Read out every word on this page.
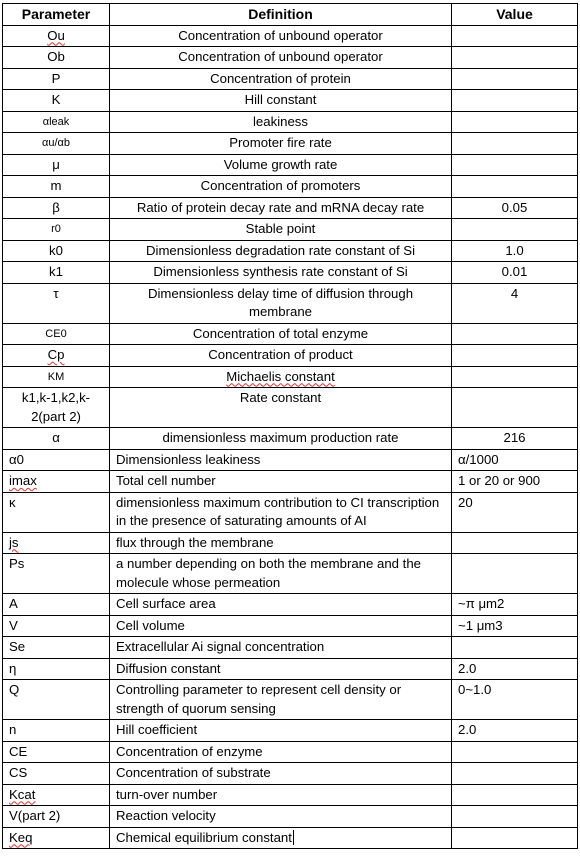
Parameter	Definition	Value
Ou	Concentration of unbound operator	
Ob	Concentration of unbound operator	
P	Concentration of protein	
K	Hill constant	
αleak	leakiness	
αu/αb	Promoter fire rate	
μ	Volume growth rate	
m	Concentration of promoters	
β	Ratio of protein decay rate and mRNA decay rate	0.05
r0	Stable point	
k0	Dimensionless degradation rate constant of Si	1.0
k1	Dimensionless synthesis rate constant of Si	0.01
τ	Dimensionless delay time of diffusion through membrane	4
CE0	Concentration of total enzyme	
Cp	Concentration of product	
KM	Michaelis constant	
k1,k-1,k2,k-2(part 2)	Rate constant	
α	dimensionless maximum production rate	216
α0	Dimensionless leakiness	α/1000
imax	Total cell number	1 or 20 or 900
κ	dimensionless maximum contribution to CI transcription in the presence of saturating amounts of AI	20
js	flux through the membrane	
Ps	a number depending on both the membrane and the molecule whose permeation	
A	Cell surface area	~π μm2
V	Cell volume	~1 μm3
Se	Extracellular Ai signal concentration	
η	Diffusion constant	2.0
Q	Controlling parameter to represent cell density or strength of quorum sensing	0~1.0
n	Hill coefficient	2.0
CE	Concentration of enzyme	
CS	Concentration of substrate	
Kcat	turn-over number	
V(part 2)	Reaction velocity	
Keq	Chemical equilibrium constant	
